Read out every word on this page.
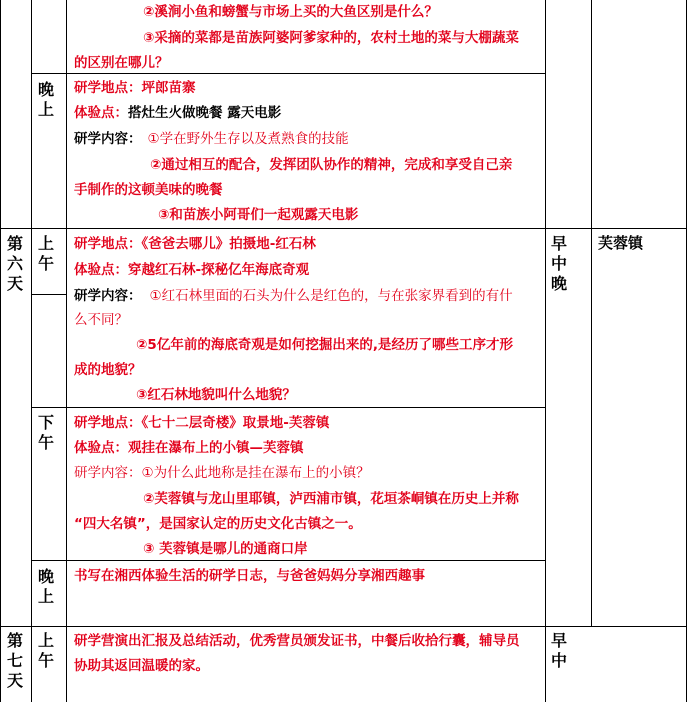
②溪涧小鱼和螃蟹与市场上买的大鱼区别是什么？
③采摘的菜都是苗族阿婆阿爹家种的，农村土地的菜与大棚蔬菜
的区别在哪儿？
晚
上
研学地点：坪郎苗寨
体验点：搭灶生火做晚餐 露天电影
研学内容： ①学在野外生存以及煮熟食的技能
②通过相互的配合，发挥团队协作的精神，完成和享受自己亲
手制作的这顿美味的晚餐
③和苗族小阿哥们一起观露天电影
第
六
天
早
中
晚
芙蓉镇
上
午
研学地点：《爸爸去哪儿》拍摄地-红石林
体验点：穿越红石林-探秘亿年海底奇观
研学内容： ①红石林里面的石头为什么是红色的，与在张家界看到的有什
么不同？
②5亿年前的海底奇观是如何挖掘出来的,是经历了哪些工序才形
成的地貌？
③红石林地貌叫什么地貌？
下
午
研学地点：《七十二层奇楼》取景地-芙蓉镇
体验点：观挂在瀑布上的小镇—芙蓉镇
研学内容：①为什么此地称是挂在瀑布上的小镇？
②芙蓉镇与龙山里耶镇，泸西浦市镇，花垣茶峒镇在历史上并称
“四大名镇”，是国家认定的历史文化古镇之一。
③ 芙蓉镇是哪儿的通商口岸
晚
上
书写在湘西体验生活的研学日志，与爸爸妈妈分享湘西趣事
第
七
天
上
午
研学营演出汇报及总结活动，优秀营员颁发证书，中餐后收拾行囊，辅导员
协助其返回温暖的家。
早
中
